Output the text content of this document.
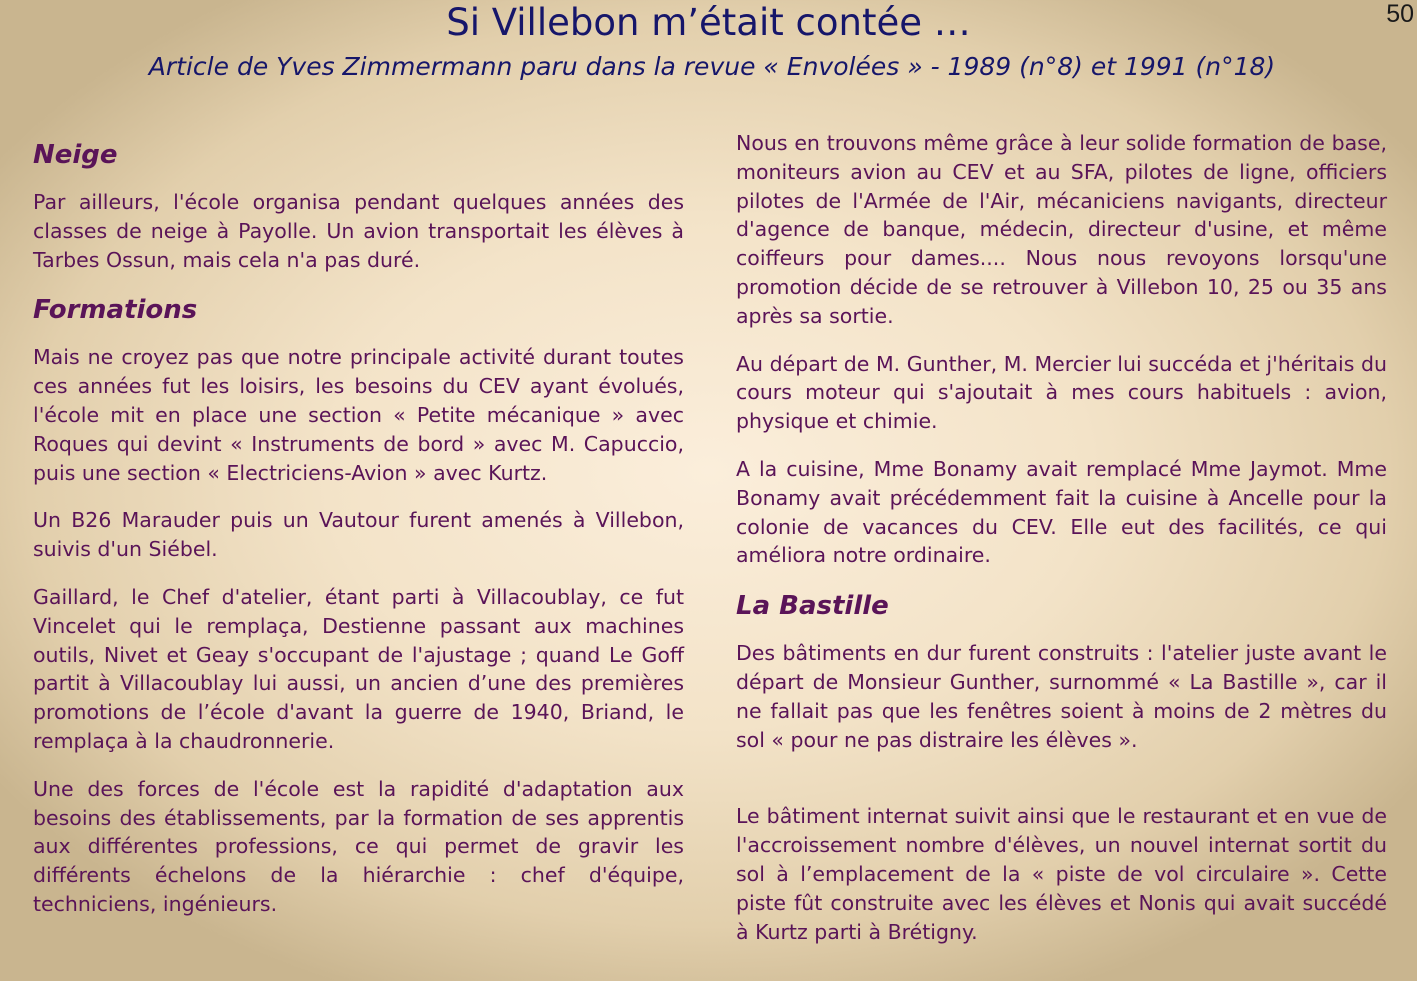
50
Si Villebon m’était contée …
Article de Yves Zimmermann paru dans la revue « Envolées » - 1989 (n°8) et 1991 (n°18)
Neige

Par ailleurs, l'école organisa pendant quelques années des classes de neige à Payolle. Un avion transportait les élèves à Tarbes Ossun, mais cela n'a pas duré.

Formations

Mais ne croyez pas que notre principale activité durant toutes ces années fut les loisirs, les besoins du CEV ayant évolués, l'école mit en place une section « Petite mécanique » avec Roques qui devint « Instruments de bord » avec M. Capuccio, puis une section « Electriciens-Avion » avec Kurtz.

Un B26 Marauder puis un Vautour furent amenés à Villebon, suivis d'un Siébel.

Gaillard, le Chef d'atelier, étant parti à Villacoublay, ce fut Vincelet qui le remplaça, Destienne passant aux machines outils, Nivet et Geay s'occupant de l'ajustage ; quand Le Goff partit à Villacoublay lui aussi, un ancien d’une des premières promotions de l’école d'avant la guerre de 1940, Briand, le remplaça à la chaudronnerie.

Une des forces de l'école est la rapidité d'adaptation aux besoins des établissements, par la formation de ses apprentis aux différentes professions, ce qui permet de gravir les différents échelons de la hiérarchie : chef d'équipe, techniciens, ingénieurs.

Nous en trouvons même grâce à leur solide formation de base, moniteurs avion au CEV et au SFA, pilotes de ligne, officiers pilotes de l'Armée de l'Air, mécaniciens navigants, directeur d'agence de banque, médecin, directeur d'usine, et même coiffeurs pour dames.... Nous nous revoyons lorsqu'une promotion décide de se retrouver à Villebon 10, 25 ou 35 ans après sa sortie.

Au départ de M. Gunther, M. Mercier lui succéda et j'héritais du cours moteur qui s'ajoutait à mes cours habituels : avion, physique et chimie.

A la cuisine, Mme Bonamy avait remplacé Mme Jaymot. Mme Bonamy avait précédemment fait la cuisine à Ancelle pour la colonie de vacances du CEV. Elle eut des facilités, ce qui améliora notre ordinaire.

La Bastille

Des bâtiments en dur furent construits : l'atelier juste avant le départ de Monsieur Gunther, surnommé « La Bastille », car il ne fallait pas que les fenêtres soient à moins de 2 mètres du sol « pour ne pas distraire les élèves ».

Le bâtiment internat suivit ainsi que le restaurant et en vue de l'accroissement nombre d'élèves, un nouvel internat sortit du sol à l’emplacement de la « piste de vol circulaire ». Cette piste fût construite avec les élèves et Nonis qui avait succédé à Kurtz parti à Brétigny.
